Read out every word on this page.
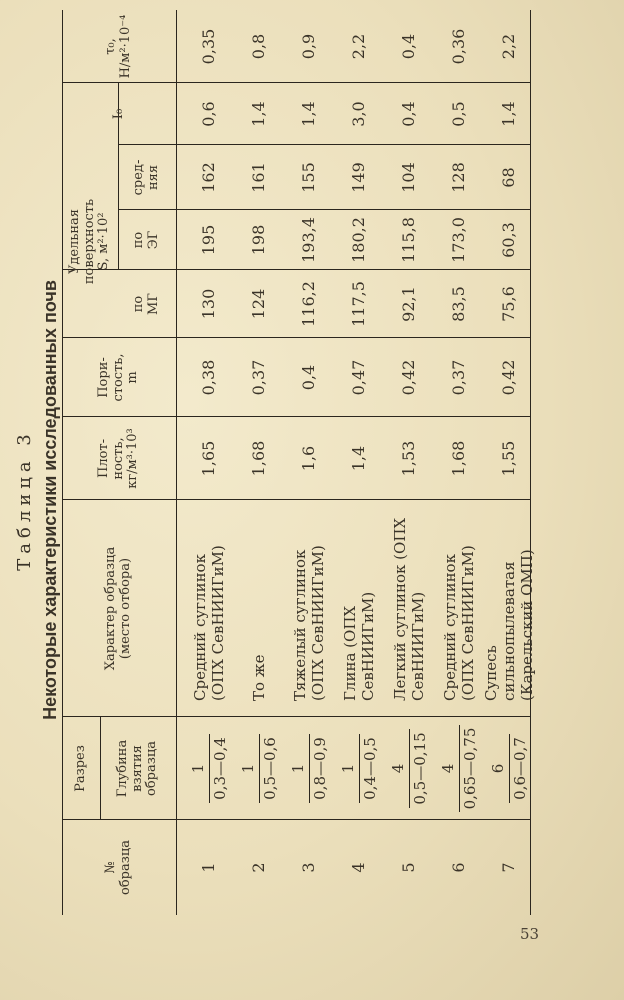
Таблица 3 Некоторые характеристики исследованных почв
№ образца
Разрез Глубина взятия образца
Характер образца (место отбора)
Плот- ность, кг/м³·10³
Пори- стость, m
Удельная поверхность S, м²·10²
по МГ
по ЭГ
сред- няя
I₀
τ₀, Н/м²·10⁻⁴
1
1 0,3—0,4
Средний суглинок (ОПХ СевНИИГиМ)
1,65
0,38
130
195
162
0,6
0,35
2
1 0,5—0,6
То же
1,68
0,37
124
198
161
1,4
0,8
3
1 0,8—0,9
Тяжелый суглинок (ОПХ СевНИИГиМ)
1,6
0,4
116,2
193,4
155
1,4
0,9
4
1 0,4—0,5
Глина (ОПХ СевНИИГиМ)
1,4
0,47
117,5
180,2
149
3,0
2,2
5
4 0,5—0,15
Легкий суглинок (ОПХ СевНИИГиМ)
1,53
0,42
92,1
115,8
104
0,4
0,4
6
4 0,65—0,75
Средний суглинок (ОПХ СевНИИГиМ)
1,68
0,37
83,5
173,0
128
0,5
0,36
7
6 0,6—0,7
Супесь сильнопылеватая (Карельский ОМП)
1,55
0,42
75,6
60,3
68
1,4
2,2
53
